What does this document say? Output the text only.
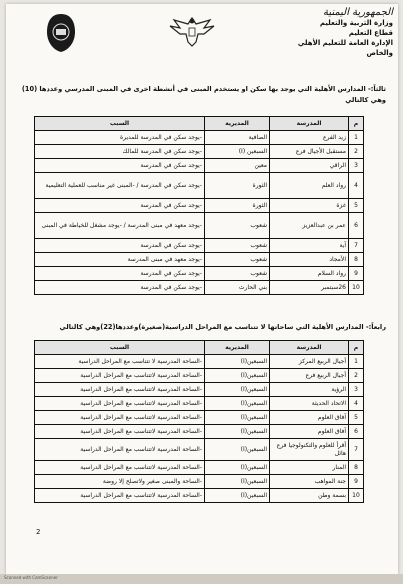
الجمهورية اليمنية
وزارة التربية والتعليم
قطاع التعليم
الإدارة العامة للتعليم الأهلي والخاص
ثالثاً:- المدارس الأهلية التي يوجد بها سكن او يستخدم المبنى في أنشطة اخرى في المبنى المدرسي وعددها (10) وهي كالتالي
م	المدرسة	المديرية	السبب
1	زيد الفرع	الصافية	-يوجد سكن في المدرسة للمديرة
2	مستقبل الأجيال فرع	السبعين (I)	-يوجد سكن في المدرسة للمالك
3	الراقي	معين	-يوجد سكن في المدرسة
4	رواد العلم	الثورة	-يوجد سكن في المدرسة / -المبنى غير مناسب للعملية التعليمية
5	غزة	الثورة	-يوجد سكن في المدرسة
6	عمر بن عبدالعزيز	شعوب	-يوجد معهد في مبنى المدرسة / -يوجد مشغل للخياطة في المبنى
7	آية	شعوب	-يوجد سكن في المدرسة
8	الأمجاد	شعوب	-يوجد معهد في مبنى المدرسة
9	رواد السلام	شعوب	-يوجد سكن في المدرسة
10	26سبتمبر	بني الحارث	-يوجد سكن في المدرسة
رابعاً:- المدارس الأهلية التي ساحاتها لا تتناسب مع المراحل الدراسية(صغيرة)وعددها(22)وهي كالتالي
م	المدرسة	المديرية	السبب
1	أجيال الربيع المركز	السبعين(I)	-الساحة المدرسية لا تتناسب مع المراحل الدراسية
2	أجيال الربيع فرع	السبعين(I)	-الساحة المدرسية لاتتناسب مع المراحل الدراسية
3	الرؤية	السبعين(I)	-الساحة المدرسية لاتتناسب مع المراحل الدراسية
4	الاتحاد الحديثة	السبعين(I)	-الساحة المدرسية لاتتناسب مع المراحل الدراسية
5	آفاق العلوم	السبعين(I)	-الساحة المدرسية لاتتناسب مع المراحل الدراسية
6	آفاق العلوم	السبعين(I)	-الساحة المدرسية لاتتناسب مع المراحل الدراسية
7	أقرأ للعلوم والتكنولوجيا فرع هائل	السبعين(I)	-الساحة المدرسية لاتتناسب مع المراحل الدراسية
8	المنار	السبعين(I)	-الساحة المدرسية لاتتناسب مع المراحل الدراسية
9	جنة المواهب	السبعين(I)	-الساحة والمبنى صغير ولاتصلح إلا روضة
10	بسمة وطن	السبعين(I)	-الساحة المدرسية لاتتناسب مع المراحل الدراسية
2
Scanned with CamScanner
